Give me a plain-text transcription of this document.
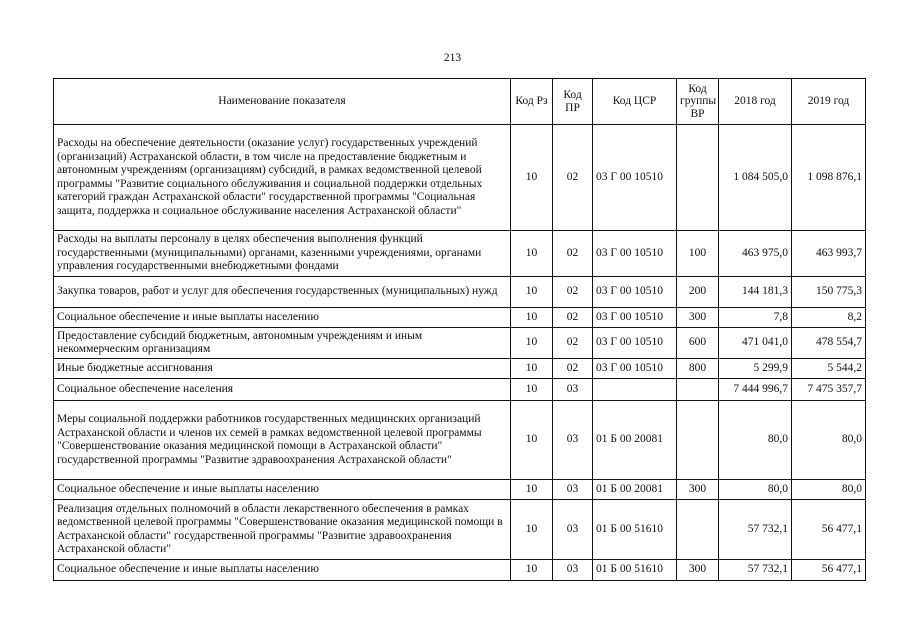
213
Наименование показателя	Код Рз	Код ПР	Код ЦСР	Код группы ВР	2018 год	2019 год
Расходы на обеспечение деятельности (оказание услуг) государственных учреждений (организаций) Астраханской области, в том числе на предоставление бюджетным и автономным учреждениям (организациям) субсидий, в рамках ведомственной целевой программы "Развитие социального обслуживания и социальной поддержки отдельных категорий граждан Астраханской области" государственной программы "Социальная защита, поддержка и социальное обслуживание населения Астраханской области"	10	02	03 Г 00 10510		1 084 505,0	1 098 876,1
Расходы на выплаты персоналу в целях обеспечения выполнения функций государственными (муниципальными) органами, казенными учреждениями, органами управления государственными внебюджетными фондами	10	02	03 Г 00 10510	100	463 975,0	463 993,7
Закупка товаров, работ и услуг для обеспечения государственных (муниципальных) нужд	10	02	03 Г 00 10510	200	144 181,3	150 775,3
Социальное обеспечение и иные выплаты населению	10	02	03 Г 00 10510	300	7,8	8,2
Предоставление субсидий бюджетным, автономным учреждениям и иным некоммерческим организациям	10	02	03 Г 00 10510	600	471 041,0	478 554,7
Иные бюджетные ассигнования	10	02	03 Г 00 10510	800	5 299,9	5 544,2
Социальное обеспечение населения	10	03			7 444 996,7	7 475 357,7
Меры социальной поддержки работников государственных медицинских организаций Астраханской области и членов их семей в рамках ведомственной целевой программы "Совершенствование оказания медицинской помощи в Астраханской области" государственной программы "Развитие здравоохранения Астраханской области"	10	03	01 Б 00 20081		80,0	80,0
Социальное обеспечение и иные выплаты населению	10	03	01 Б 00 20081	300	80,0	80,0
Реализация отдельных полномочий в области лекарственного обеспечения в рамках ведомственной целевой программы "Совершенствование оказания медицинской помощи в Астраханской области" государственной программы "Развитие здравоохранения Астраханской области"	10	03	01 Б 00 51610		57 732,1	56 477,1
Социальное обеспечение и иные выплаты населению	10	03	01 Б 00 51610	300	57 732,1	56 477,1
